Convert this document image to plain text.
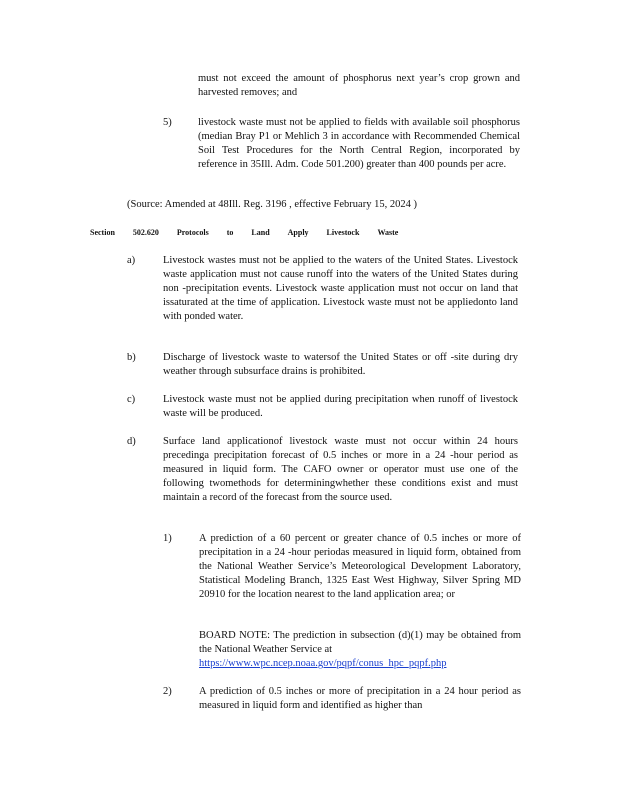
must not exceed the amount of phosphorus next year’s crop grown and harvested removes; and

5)	livestock waste must not be applied to fields with available soil phosphorus (median Bray P1 or Mehlich 3 in accordance with Recommended Chemical Soil Test Procedures for the North Central Region, incorporated by reference in 35Ill. Adm. Code 501.200) greater than 400 pounds per acre.

(Source: Amended at 48Ill. Reg. 3196 , effective February 15, 2024 )

Section 502.620 Protocols to Land Apply Livestock Waste
a)	Livestock wastes must not be applied to the waters of the United States. Livestock waste application must not cause runoff into the waters of the United States during non -precipitation events. Livestock waste application must not occur on land that issaturated at the time of application. Livestock waste must not be appliedonto land with ponded water.

b)	Discharge of livestock waste to watersof the United States or off -site during dry weather through subsurface drains is prohibited.

c)	Livestock waste must not be applied during precipitation when runoff of livestock waste will be produced.

d)	Surface land applicationof livestock waste must not occur within 24 hours precedinga precipitation forecast of 0.5 inches or more in a 24 -hour period as measured in liquid form. The CAFO owner or operator must use one of the following twomethods for determiningwhether these conditions exist and must maintain a record of the forecast from the source used.

1)	A prediction of a 60 percent or greater chance of 0.5 inches or more of precipitation in a 24 -hour periodas measured in liquid form, obtained from the National Weather Service’s Meteorological Development Laboratory, Statistical Modeling Branch, 1325 East West Highway, Silver Spring MD 20910 for the location nearest to the land application area; or

BOARD NOTE: The prediction in subsection (d)(1) may be obtained from the National Weather Service at
https://www.wpc.ncep.noaa.gov/pqpf/conus_hpc_pqpf.php

2)	A prediction of 0.5 inches or more of precipitation in a 24 hour period as measured in liquid form and identified as higher than
